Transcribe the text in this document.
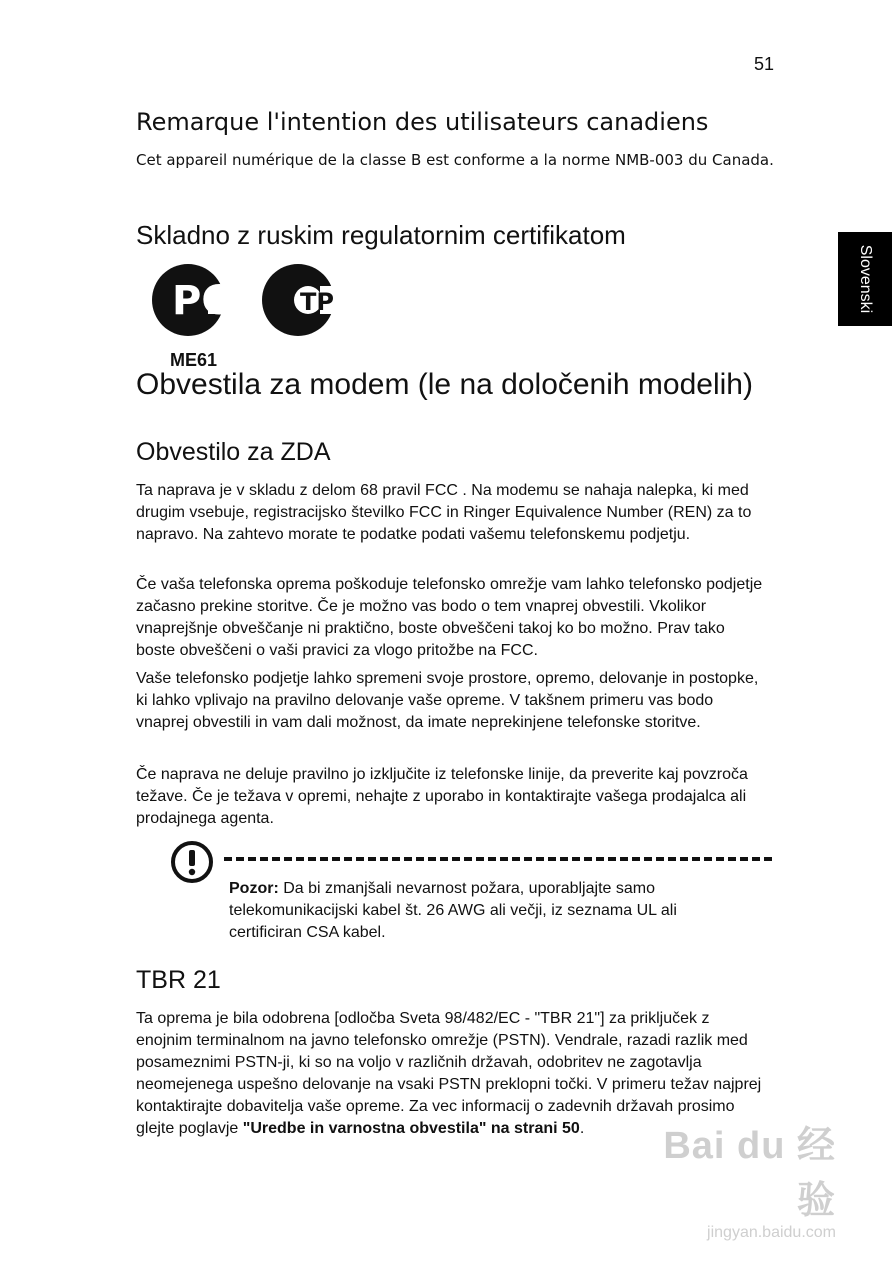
51
Slovenski
Remarque l'intention des utilisateurs canadiens
Cet appareil numérique de la classe B est conforme a la norme NMB-003 du Canada.
Skladno z ruskim regulatornim certifikatom
PCT TP
ME61
Obvestila za modem (le na določenih modelih)
Obvestilo za ZDA
Ta naprava je v skladu z delom 68 pravil FCC . Na modemu se nahaja nalepka, ki med drugim vsebuje, registracijsko številko FCC in Ringer Equivalence Number (REN) za to napravo. Na zahtevo morate te podatke podati vašemu telefonskemu podjetju.
Če vaša telefonska oprema poškoduje telefonsko omrežje vam lahko telefonsko podjetje začasno prekine storitve. Če je možno vas bodo o tem vnaprej obvestili. Vkolikor vnaprejšnje obveščanje ni praktično, boste obveščeni takoj ko bo možno. Prav tako boste obveščeni o vaši pravici za vlogo pritožbe na FCC.
Vaše telefonsko podjetje lahko spremeni svoje prostore, opremo, delovanje in postopke, ki lahko vplivajo na pravilno delovanje vaše opreme. V takšnem primeru vas bodo vnaprej obvestili in vam dali možnost, da imate neprekinjene telefonske storitve.
Če naprava ne deluje pravilno jo izključite iz telefonske linije, da preverite kaj povzroča težave. Če je težava v opremi, nehajte z uporabo in kontaktirajte vašega prodajalca ali prodajnega agenta.
Pozor: Da bi zmanjšali nevarnost požara, uporabljajte samo telekomunikacijski kabel št. 26 AWG ali večji, iz seznama UL ali certificiran CSA kabel.
TBR 21
Ta oprema je bila odobrena [odločba Sveta 98/482/EC - "TBR 21"] za priključek z enojnim terminalnom na javno telefonsko omrežje (PSTN). Vendrale, razadi razlik med posameznimi PSTN-ji, ki so na voljo v različnih državah, odobritev ne zagotavlja neomejenega uspešno delovanje na vsaki PSTN preklopni točki. V primeru težav najprej kontaktirajte dobavitelja vaše opreme. Za vec informacij o zadevnih državah prosimo glejte poglavje "Uredbe in varnostna obvestila" na strani 50.	Bai du 经验
jingyan.baidu.com
